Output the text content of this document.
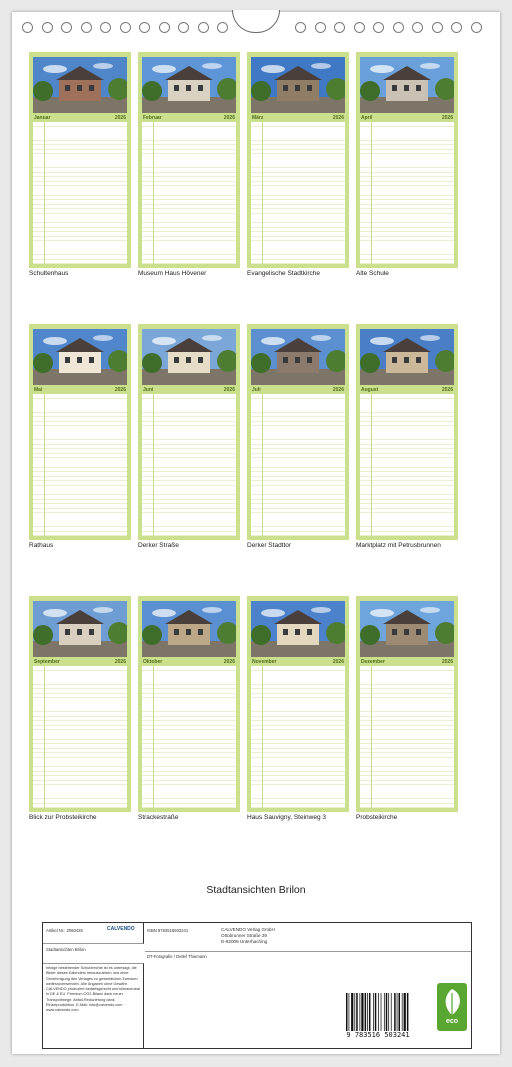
Januar	2026
Schultenhaus
Februar	2026
Museum Haus Hövener
März	2026
Evangelische Stadtkirche
April	2026
Alte Schule
Mai	2026
Rathaus
Juni	2026
Derker Straße
Juli	2026
Derker Stadttor
August	2026
Marktplatz mit Petrusbrunnen
September	2026
Blick zur Probsteikirche
Oktober	2026
Strackestraße
November	2026
Haus Sauvigny, Steinweg 3
Dezember	2026
Probsteikirche
Stadtansichten Brilon
Artikel Nr.: 2060426	CALVENDO
Stadtansichten Brilon
Infolge bestehender Schutzrechte ist es untersagt, die Bilder dieses Kalenders herauszulösen und ohne Genehmigung des Verlages zu gewerblichen Zwecken weiterzuverwenden. Alle Angaben ohne Gewähr. CALVENDO produziert bedarfsgerecht und klimaneutral in DE & EU. Premium CO2-Bilanz dank neuer Transportwege. Abfall-Reduzierung dank Einzelproduktion. E-Mail: info@calvendo.com · www.calvendo.com
ISBN 9783516503241	CALVENDO Verlag GmbH
Ottobrunner Straße 39
D-82008 Unterhaching
DT-Fotografie / Detlef Thiemann
9 783516 503241
eco
